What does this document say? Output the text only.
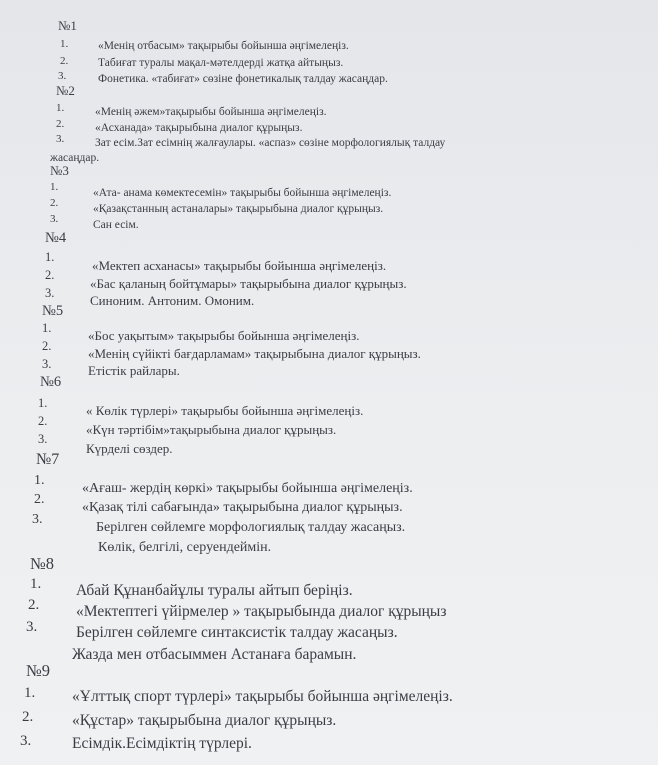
№1
1.	«Менің отбасым» тақырыбы бойынша әңгімелеңіз.
2.	Табиғат туралы мақал-мәтелдерді жатқа айтыңыз.
3.	Фонетика. «табиғат» сөзіне фонетикалық талдау жасаңдар.
№2
1.	«Менің әжем»тақырыбы бойынша әңгімелеңіз.
2.	«Асханада» тақырыбына диалог құрыңыз.
3.	Зат есім.Зат есімнің жалғаулары. «аспаз» сөзіне морфологиялық талдау
жасаңдар.
№3
1.	«Ата- анама көмектесемін» тақырыбы бойынша әңгімелеңіз.
2.	«Қазақстанның астаналары» тақырыбына диалог құрыңыз.
3.	Сан есім.
№4
1.
«Мектеп асханасы» тақырыбы бойынша әңгімелеңіз.
2.
«Бас қаланың бойтұмары» тақырыбына диалог құрыңыз.
3.	Синоним. Антоним. Омоним.
№5
1.	«Бос уақытым» тақырыбы бойынша әңгімелеңіз.
2.	«Менің сүйікті бағдарламам» тақырыбына диалог құрыңыз.
3.	Етістік райлары.
№6
1.	« Көлік түрлері» тақырыбы бойынша әңгімелеңіз.
2.
«Күн тәртібім»тақырыбына диалог құрыңыз.
3.
Күрделі сөздер.
№7
1.
«Ағаш- жердің көркі» тақырыбы бойынша әңгімелеңіз.
2.
«Қазақ тілі сабағында» тақырыбына диалог құрыңыз.
3.
Берілген сөйлемге морфологиялық талдау жасаңыз.
Көлік, белгілі, серуендеймін.
№8
1. Абай Құнанбайұлы туралы айтып беріңіз.
2. «Мектептегі үйірмелер » тақырыбында диалог құрыңыз
3.	Берілген сөйлемге синтаксистік талдау жасаңыз.
Жазда мен отбасыммен Астанаға барамын.
№9
1. «Ұлттық спорт түрлері» тақырыбы бойынша әңгімелеңіз.
2.	«Құстар» тақырыбына диалог құрыңыз.
3.	Есімдік.Есімдіктің түрлері.
